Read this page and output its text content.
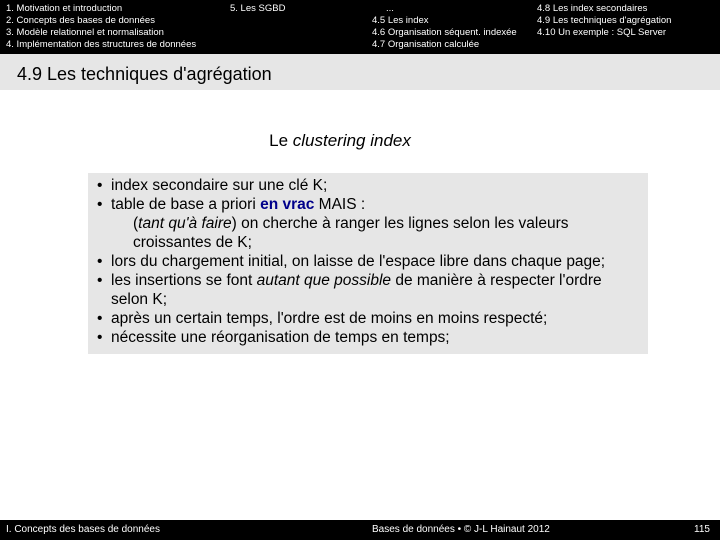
1. Motivation et introduction
2. Concepts des bases de données
3. Modèle relationnel et normalisation
4. Implémentation des structures de données
5. Les SGBD	...
4.5 Les index
4.6 Organisation séquent. indexée
4.7 Organisation calculée
4.8 Les index secondaires
4.9 Les techniques d'agrégation
4.10 Un exemple : SQL Server
4.9 Les techniques d'agrégation
Le clustering index
• index secondaire sur une clé K;
• table de base a priori en vrac MAIS :
(tant qu'à faire) on cherche à ranger les lignes selon les valeurs
croissantes de K;
• lors du chargement initial, on laisse de l'espace libre dans chaque page;
• les insertions se font autant que possible de manière à respecter l'ordre
selon K;
• après un certain temps, l'ordre est de moins en moins respecté;
• nécessite une réorganisation de temps en temps;
I. Concepts des bases de données	Bases de données • © J-L Hainaut 2012	115
